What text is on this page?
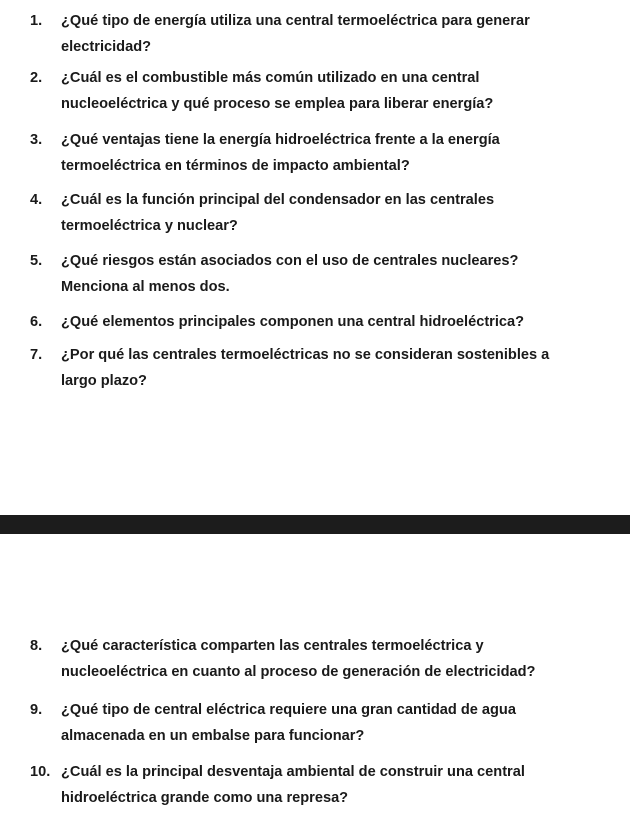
1. ¿Qué tipo de energía utiliza una central termoeléctrica para generar
electricidad?
2. ¿Cuál es el combustible más común utilizado en una central
nucleoeléctrica y qué proceso se emplea para liberar energía?
3. ¿Qué ventajas tiene la energía hidroeléctrica frente a la energía
termoeléctrica en términos de impacto ambiental?
4. ¿Cuál es la función principal del condensador en las centrales
termoeléctrica y nuclear?
5. ¿Qué riesgos están asociados con el uso de centrales nucleares?
Menciona al menos dos.
6. ¿Qué elementos principales componen una central hidroeléctrica?
7. ¿Por qué las centrales termoeléctricas no se consideran sostenibles a
largo plazo?
8. ¿Qué característica comparten las centrales termoeléctrica y
nucleoeléctrica en cuanto al proceso de generación de electricidad?
9. ¿Qué tipo de central eléctrica requiere una gran cantidad de agua
almacenada en un embalse para funcionar?
10. ¿Cuál es la principal desventaja ambiental de construir una central
hidroeléctrica grande como una represa?
